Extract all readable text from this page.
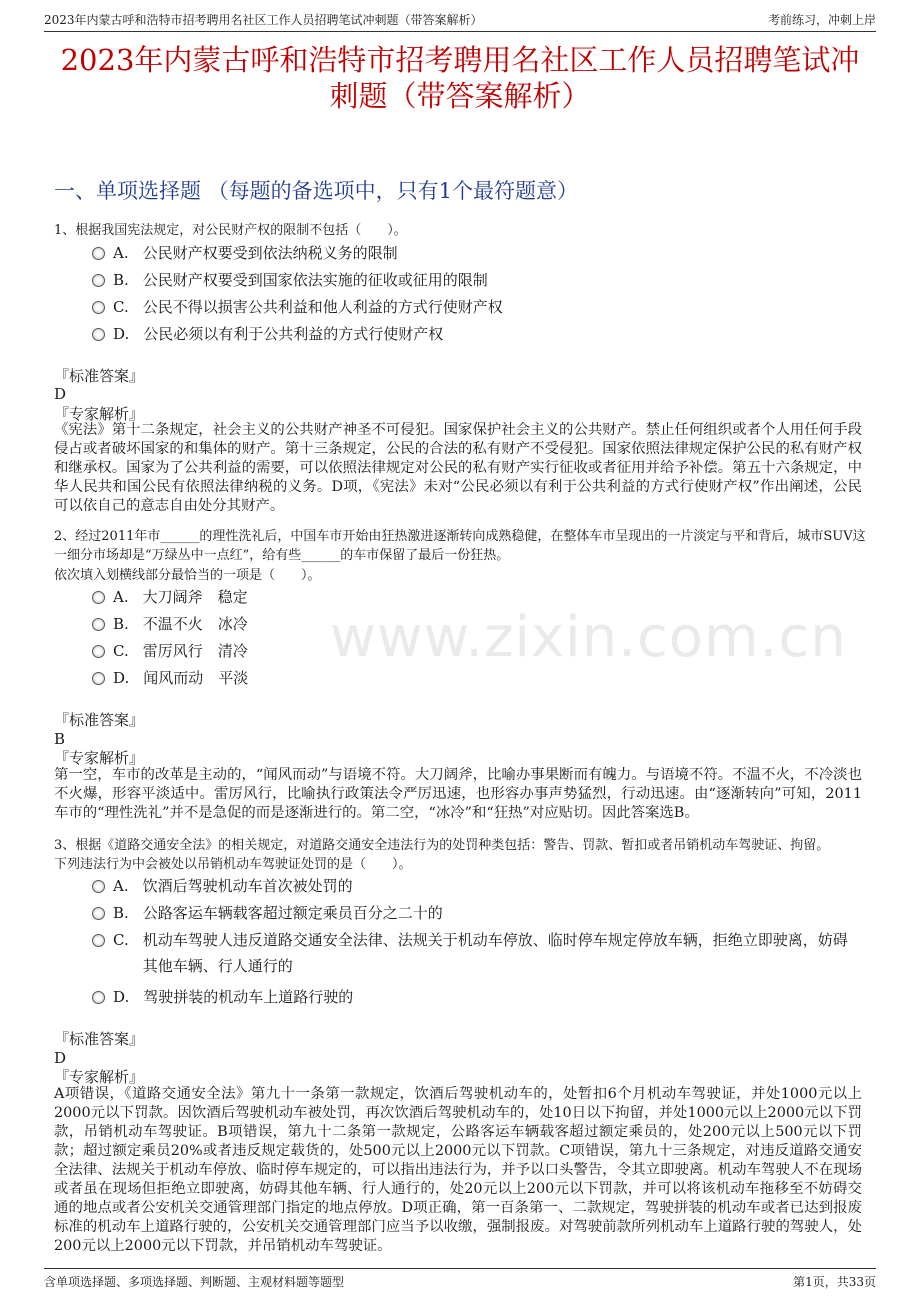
2023年内蒙古呼和浩特市招考聘用名社区工作人员招聘笔试冲刺题（带答案解析）	考前练习，冲刺上岸
2023年内蒙古呼和浩特市招考聘用名社区工作人员招聘笔试冲刺题（带答案解析）
一、单项选择题 （每题的备选项中，只有1个最符题意）
www.zixin.com.cn
1、根据我国宪法规定，对公民财产权的限制不包括（　　）。
A. 公民财产权要受到依法纳税义务的限制
B. 公民财产权要受到国家依法实施的征收或征用的限制
C. 公民不得以损害公共利益和他人利益的方式行使财产权
D. 公民必须以有利于公共利益的方式行使财产权
『标准答案』
D
『专家解析』
《宪法》第十二条规定，社会主义的公共财产神圣不可侵犯。国家保护社会主义的公共财产。禁止任何组织或者个人用任何手段侵占或者破坏国家的和集体的财产。第十三条规定，公民的合法的私有财产不受侵犯。国家依照法律规定保护公民的私有财产权和继承权。国家为了公共利益的需要，可以依照法律规定对公民的私有财产实行征收或者征用并给予补偿。第五十六条规定，中华人民共和国公民有依照法律纳税的义务。D项，《宪法》未对“公民必须以有利于公共利益的方式行使财产权”作出阐述，公民可以依自己的意志自由处分其财产。
2、经过2011年市______的理性洗礼后，中国车市开始由狂热激进逐渐转向成熟稳健，在整体车市呈现出的一片淡定与平和背后，城市SUV这一细分市场却是“万绿丛中一点红”，给有些______的车市保留了最后一份狂热。
依次填入划横线部分最恰当的一项是（　　）。
A. 大刀阔斧　稳定
B. 不温不火　冰冷
C. 雷厉风行　清冷
D. 闻风而动　平淡
『标准答案』
B
『专家解析』
第一空，车市的改革是主动的，“闻风而动”与语境不符。大刀阔斧，比喻办事果断而有魄力。与语境不符。不温不火，不冷淡也不火爆，形容平淡适中。雷厉风行，比喻执行政策法令严厉迅速，也形容办事声势猛烈，行动迅速。由“逐渐转向”可知，2011车市的“理性洗礼”并不是急促的而是逐渐进行的。第二空，“冰冷”和“狂热”对应贴切。因此答案选B。
3、根据《道路交通安全法》的相关规定，对道路交通安全违法行为的处罚种类包括：警告、罚款、暂扣或者吊销机动车驾驶证、拘留。
下列违法行为中会被处以吊销机动车驾驶证处罚的是（　　）。
A. 饮酒后驾驶机动车首次被处罚的
B. 公路客运车辆载客超过额定乘员百分之二十的
C. 机动车驾驶人违反道路交通安全法律、法规关于机动车停放、临时停车规定停放车辆，拒绝立即驶离，妨碍其他车辆、行人通行的
D. 驾驶拼装的机动车上道路行驶的
『标准答案』
D
『专家解析』
A项错误，《道路交通安全法》第九十一条第一款规定，饮酒后驾驶机动车的，处暂扣6个月机动车驾驶证，并处1000元以上2000元以下罚款。因饮酒后驾驶机动车被处罚，再次饮酒后驾驶机动车的，处10日以下拘留，并处1000元以上2000元以下罚款，吊销机动车驾驶证。B项错误，第九十二条第一款规定，公路客运车辆载客超过额定乘员的，处200元以上500元以下罚款；超过额定乘员20%或者违反规定载货的，处500元以上2000元以下罚款。C项错误，第九十三条规定，对违反道路交通安全法律、法规关于机动车停放、临时停车规定的，可以指出违法行为，并予以口头警告，令其立即驶离。机动车驾驶人不在现场或者虽在现场但拒绝立即驶离，妨碍其他车辆、行人通行的，处20元以上200元以下罚款，并可以将该机动车拖移至不妨碍交通的地点或者公安机关交通管理部门指定的地点停放。D项正确，第一百条第一、二款规定，驾驶拼装的机动车或者已达到报废标准的机动车上道路行驶的，公安机关交通管理部门应当予以收缴，强制报废。对驾驶前款所列机动车上道路行驶的驾驶人，处200元以上2000元以下罚款，并吊销机动车驾驶证。
含单项选择题、多项选择题、判断题、主观材料题等题型	第1页，共33页
